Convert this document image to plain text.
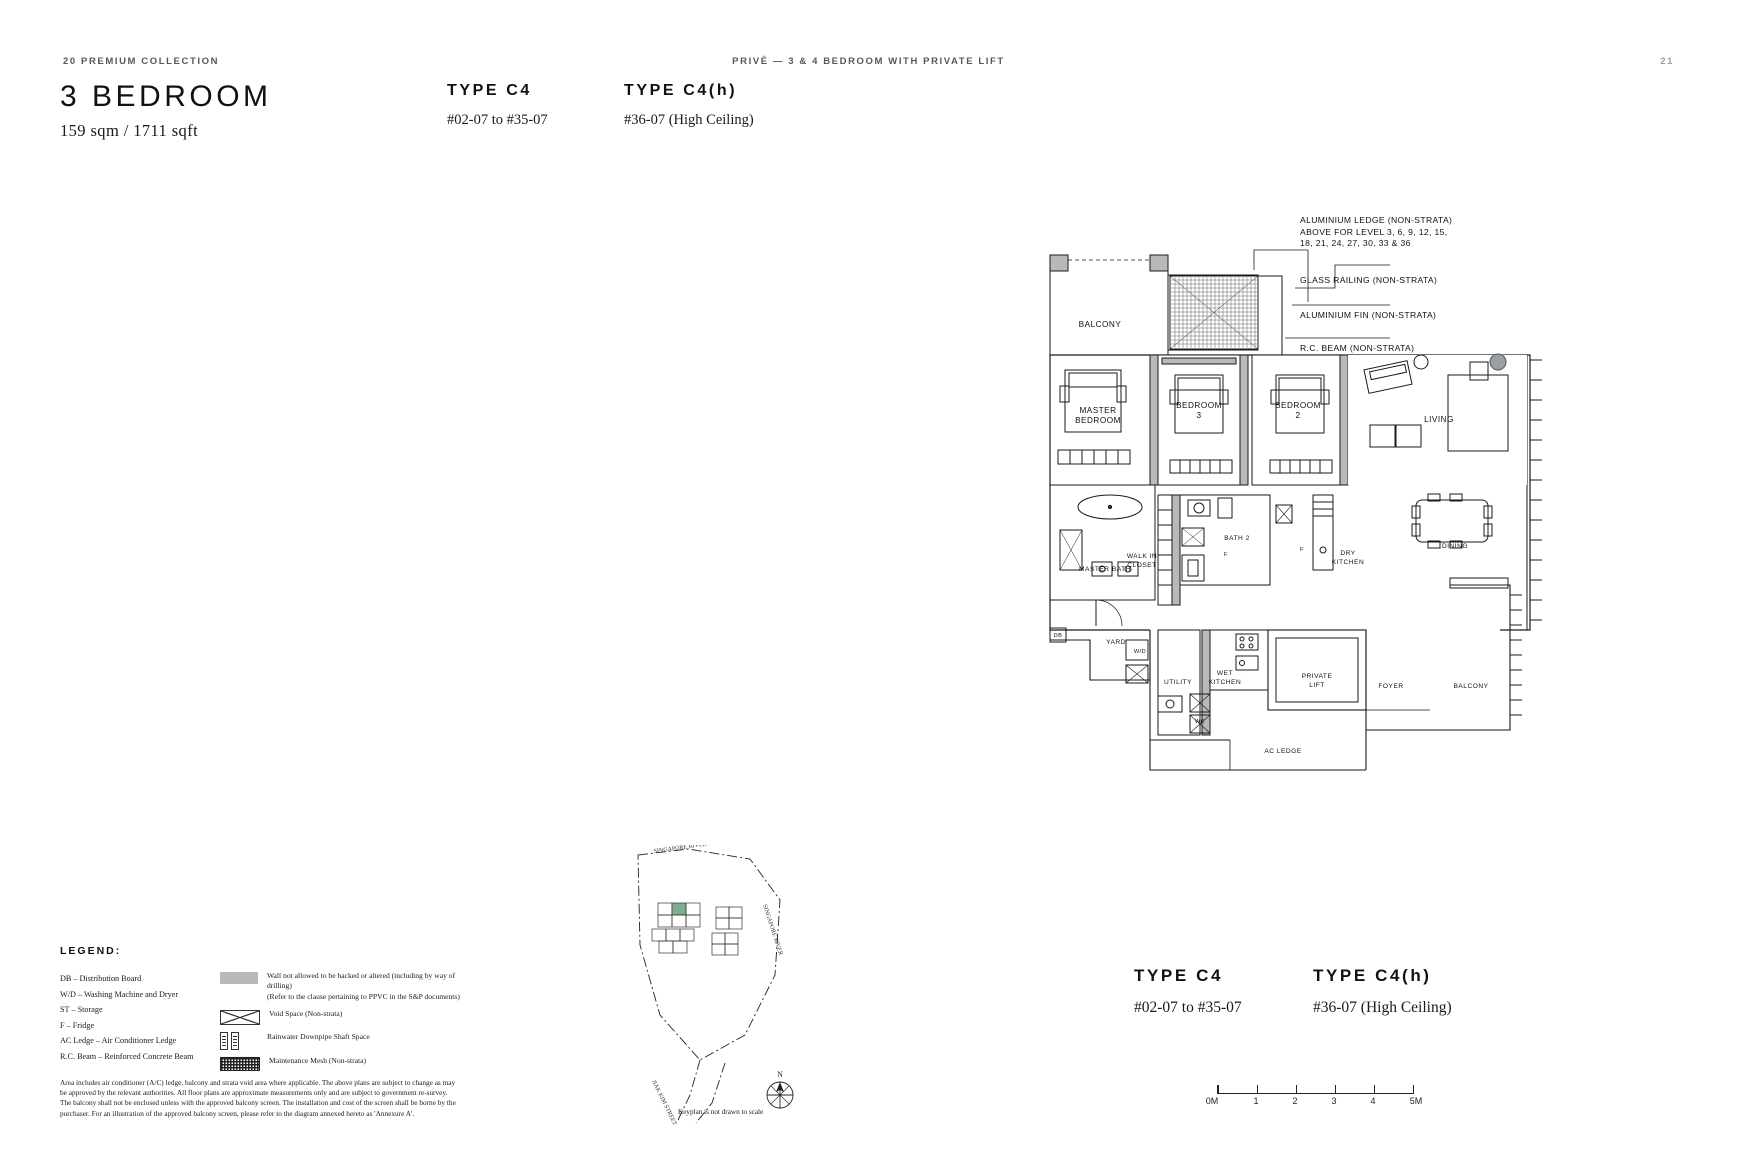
20 PREMIUM COLLECTION	PRIVÉ — 3 & 4 BEDROOM WITH PRIVATE LIFT	21
3 BEDROOM
159 sqm / 1711 sqft
TYPE C4
#02-07 to #35-07
TYPE C4(h)
#36-07 (High Ceiling)
ALUMINIUM LEDGE (NON-STRATA)
ABOVE FOR LEVEL 3, 6, 9, 12, 15,
18, 21, 24, 27, 30, 33 & 36
GLASS RAILING (NON-STRATA)
ALUMINIUM FIN (NON-STRATA)
R.C. BEAM (NON-STRATA)
BALCONY
MASTER BEDROOM
BEDROOM 3
BEDROOM 2	LIVING
MASTER BATH
WALK IN CLOSET
BATH 2
DRY KITCHEN
DINING
YARD
UTILITY
WET KITCHEN
PRIVATE LIFT	FOYER	BALCONY
AC LEDGE
WC
W/D
DB
F
F
TYPE C4
#02-07 to #35-07
TYPE C4(h)
#36-07 (High Ceiling)
LEGEND:
DB – Distribution Board
W/D – Washing Machine and Dryer
ST – Storage
F – Fridge
AC Ledge – Air Conditioner Ledge
R.C. Beam – Reinforced Concrete Beam
Wall not allowed to be hacked or altered (including by way of drilling)
(Refer to the clause pertaining to PPVC in the S&P documents)
Void Space (Non-strata)
Rainwater Downpipe Shaft Space
Maintenance Mesh (Non-strata)
Area includes air conditioner (A/C) ledge, balcony and strata void area where applicable. The above plans are subject to change as may be approved by the relevant authorities. All floor plans are approximate measurements only and are subject to government re-survey. The balcony shall not be enclosed unless with the approved balcony screen. The installation and cost of the screen shall be borne by the purchaser. For an illustration of the approved balcony screen, please refer to the diagram annexed hereto as 'Annexure A'.
SINGAPORE RIVER
SINGAPORE RIVER
JIAK KIM STREET
N
Keyplan is not drawn to scale
0M	1	2	3	4	5M
